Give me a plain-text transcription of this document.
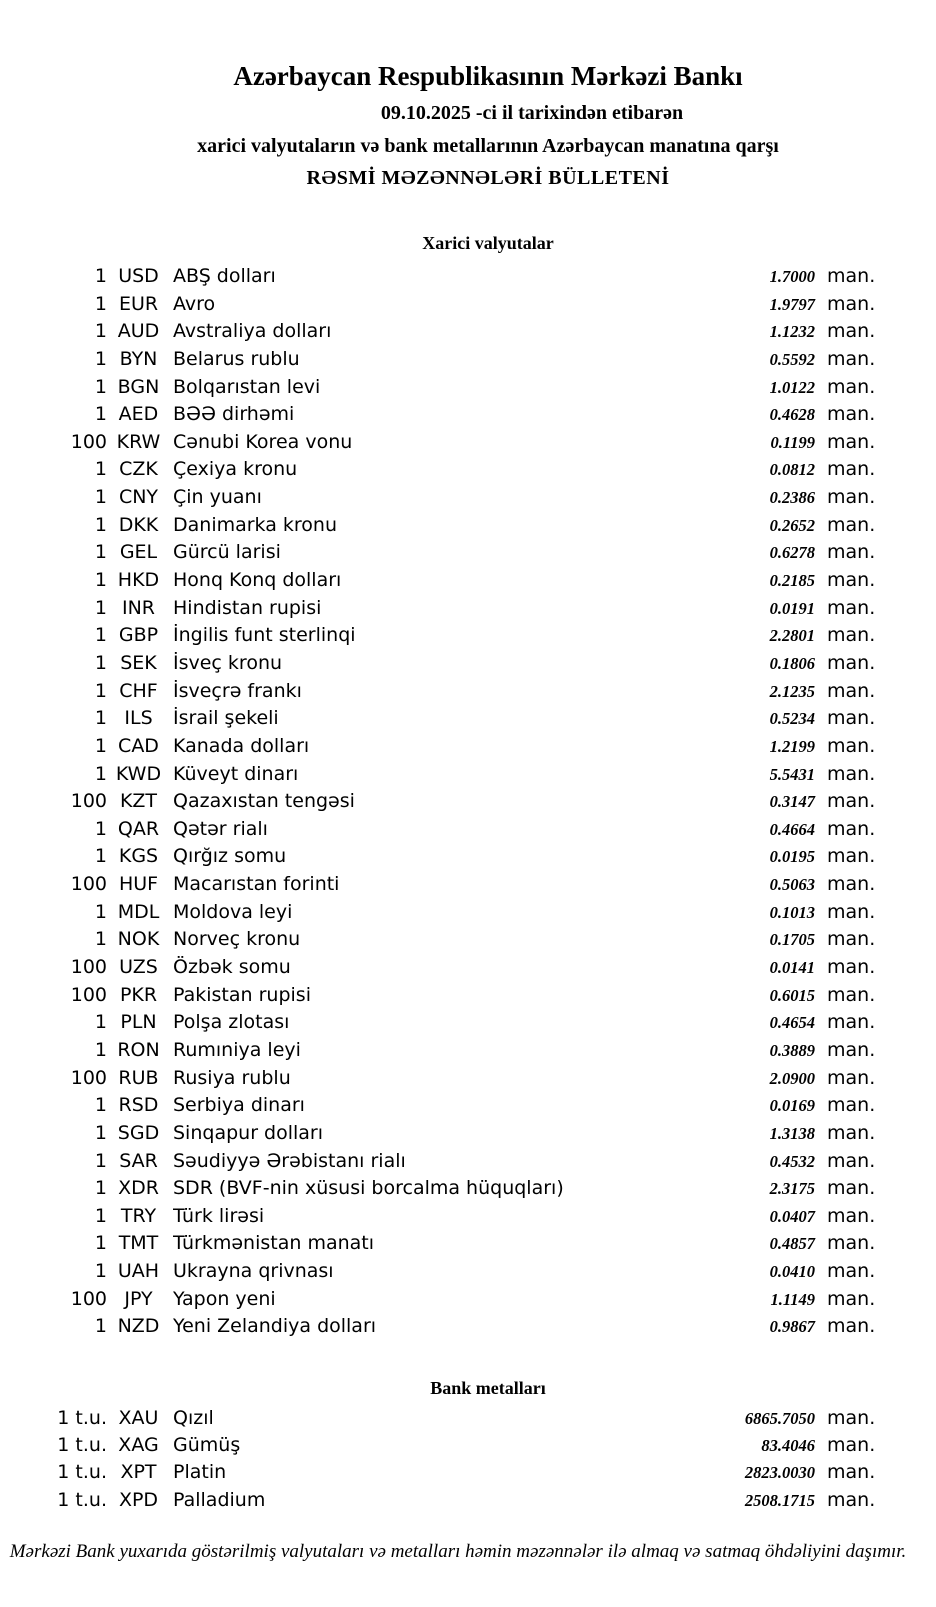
Azərbaycan Respublikasının Mərkəzi Bankı
09.10.2025 -ci il tarixindən etibarən
xarici valyutaların və bank metallarının Azərbaycan manatına qarşı
RƏSMİ MƏZƏNNƏLƏRİ BÜLLETENİ
Xarici valyutalar
1 USD ABŞ dolları	1.7000 man.
1 EUR Avro	1.9797 man.
1 AUD Avstraliya dolları	1.1232 man.
1 BYN Belarus rublu	0.5592 man.
1 BGN Bolqarıstan levi	1.0122 man.
1 AED BƏƏ dirhəmi	0.4628 man.
100 KRW Cənubi Korea vonu	0.1199 man.
1 CZK Çexiya kronu	0.0812 man.
1 CNY Çin yuanı	0.2386 man.
1 DKK Danimarka kronu	0.2652 man.
1 GEL Gürcü larisi	0.6278 man.
1 HKD Honq Konq dolları	0.2185 man.
1 INR Hindistan rupisi	0.0191 man.
1 GBP İngilis funt sterlinqi	2.2801 man.
1 SEK İsveç kronu	0.1806 man.
1 CHF İsveçrə frankı	2.1235 man.
1 ILS	İsrail şekeli	0.5234 man.
1 CAD Kanada dolları	1.2199 man.
1 KWD Küveyt dinarı	5.5431 man.
100 KZT Qazaxıstan tengəsi	0.3147 man.
1 QAR Qətər rialı	0.4664 man.
1 KGS Qırğız somu	0.0195 man.
100 HUF Macarıstan forinti	0.5063 man.
1 MDL Moldova leyi	0.1013 man.
1 NOK Norveç kronu	0.1705 man.
100 UZS Özbək somu	0.0141 man.
100 PKR Pakistan rupisi	0.6015 man.
1 PLN Polşa zlotası	0.4654 man.
1 RON Rumıniya leyi	0.3889 man.
100 RUB Rusiya rublu	2.0900 man.
1 RSD Serbiya dinarı	0.0169 man.
1 SGD Sinqapur dolları	1.3138 man.
1 SAR Səudiyyə Ərəbistanı rialı	0.4532 man.
1 XDR SDR (BVF-nin xüsusi borcalma hüquqları)	2.3175 man.
1 TRY Türk lirəsi	0.0407 man.
1 TMT Türkmənistan manatı	0.4857 man.
1 UAH Ukrayna qrivnası	0.0410 man.
100 JPY	Yapon yeni	1.1149 man.
1 NZD Yeni Zelandiya dolları	0.9867 man.
Bank metalları
1 t.u. XAU Qızıl	6865.7050 man.
1 t.u. XAG Gümüş	83.4046 man.
1 t.u. XPT Platin	2823.0030 man.
1 t.u. XPD Palladium	2508.1715 man.
Mərkəzi Bank yuxarıda göstərilmiş valyutaları və metalları həmin məzənnələr ilə almaq və satmaq öhdəliyini daşımır.
